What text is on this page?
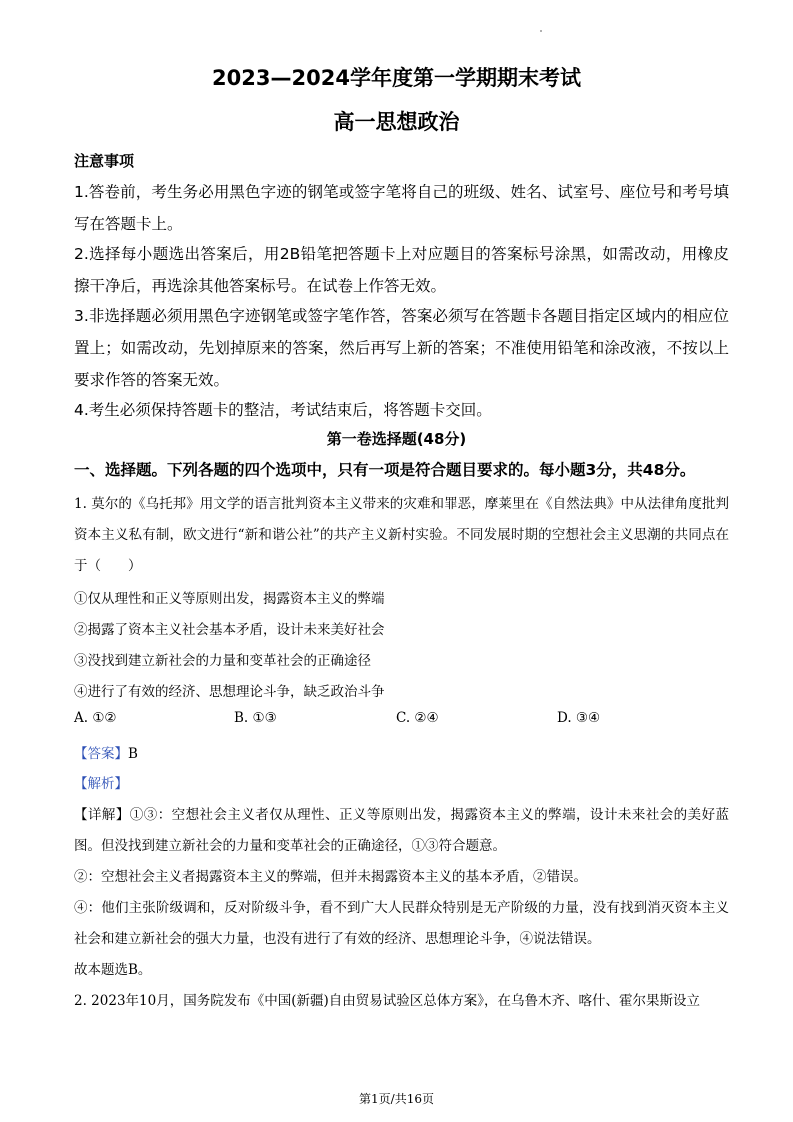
2023—2024学年度第一学期期末考试
高一思想政治
注意事项
1.答卷前，考生务必用黑色字迹的钢笔或签字笔将自己的班级、姓名、试室号、座位号和考号填写在答题卡上。
2.选择每小题选出答案后，用2B铅笔把答题卡上对应题目的答案标号涂黑，如需改动，用橡皮擦干净后，再选涂其他答案标号。在试卷上作答无效。
3.非选择题必须用黑色字迹钢笔或签字笔作答，答案必须写在答题卡各题目指定区域内的相应位置上；如需改动，先划掉原来的答案，然后再写上新的答案；不准使用铅笔和涂改液，不按以上要求作答的答案无效。
4.考生必须保持答题卡的整洁，考试结束后，将答题卡交回。
第一卷选择题(48分)
一、选择题。下列各题的四个选项中，只有一项是符合题目要求的。每小题3分，共48分。
1. 莫尔的《乌托邦》用文学的语言批判资本主义带来的灾难和罪恶，摩莱里在《自然法典》中从法律角度批判资本主义私有制，欧文进行“新和谐公社”的共产主义新村实验。不同发展时期的空想社会主义思潮的共同点在于（　　）
①仅从理性和正义等原则出发，揭露资本主义的弊端
②揭露了资本主义社会基本矛盾，设计未来美好社会
③没找到建立新社会的力量和变革社会的正确途径
④进行了有效的经济、思想理论斗争，缺乏政治斗争
A. ①②	B. ①③	C. ②④	D. ③④
【答案】B
【解析】
【详解】①③：空想社会主义者仅从理性、正义等原则出发，揭露资本主义的弊端，设计未来社会的美好蓝图。但没找到建立新社会的力量和变革社会的正确途径，①③符合题意。
②：空想社会主义者揭露资本主义的弊端，但并未揭露资本主义的基本矛盾，②错误。
④：他们主张阶级调和，反对阶级斗争，看不到广大人民群众特别是无产阶级的力量，没有找到消灭资本主义社会和建立新社会的强大力量，也没有进行了有效的经济、思想理论斗争，④说法错误。
故本题选B。
2. 2023年10月，国务院发布《中国(新疆)自由贸易试验区总体方案》，在乌鲁木齐、喀什、霍尔果斯设立
第1页/共16页
